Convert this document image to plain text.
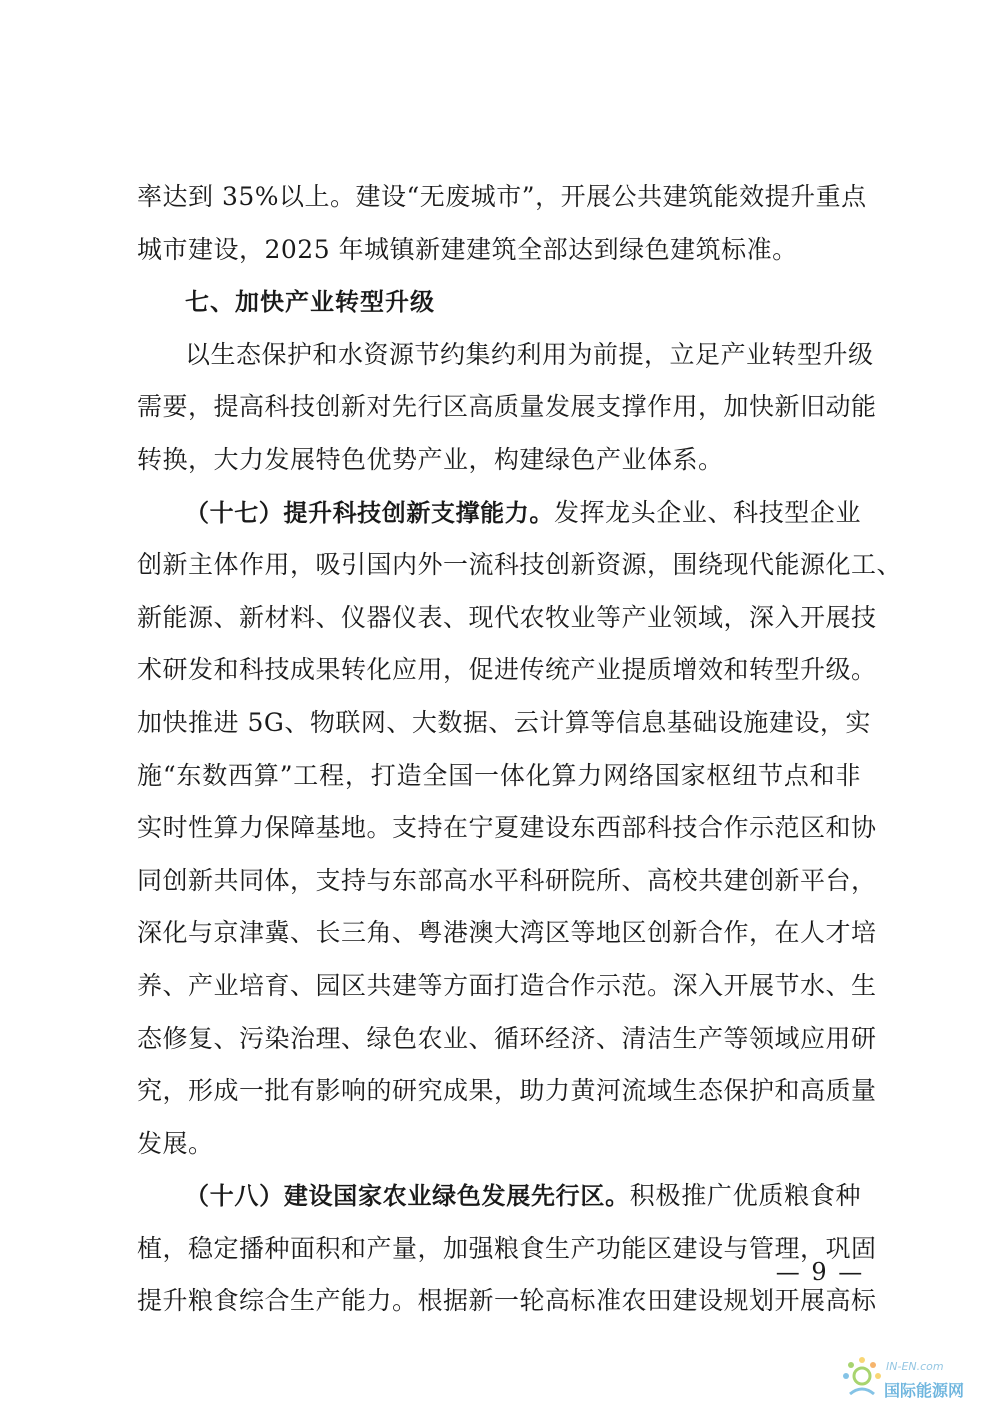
率达到 35%以上。建设“无废城市”，开展公共建筑能效提升重点
城市建设，2025 年城镇新建建筑全部达到绿色建筑标准。
七、加快产业转型升级
以生态保护和水资源节约集约利用为前提，立足产业转型升级
需要，提高科技创新对先行区高质量发展支撑作用，加快新旧动能
转换，大力发展特色优势产业，构建绿色产业体系。
（十七）提升科技创新支撑能力。发挥龙头企业、科技型企业
创新主体作用，吸引国内外一流科技创新资源，围绕现代能源化工、
新能源、新材料、仪器仪表、现代农牧业等产业领域，深入开展技
术研发和科技成果转化应用，促进传统产业提质增效和转型升级。
加快推进 5G、物联网、大数据、云计算等信息基础设施建设，实
施“东数西算”工程，打造全国一体化算力网络国家枢纽节点和非
实时性算力保障基地。支持在宁夏建设东西部科技合作示范区和协
同创新共同体，支持与东部高水平科研院所、高校共建创新平台，
深化与京津冀、长三角、粤港澳大湾区等地区创新合作，在人才培
养、产业培育、园区共建等方面打造合作示范。深入开展节水、生
态修复、污染治理、绿色农业、循环经济、清洁生产等领域应用研
究，形成一批有影响的研究成果，助力黄河流域生态保护和高质量
发展。
（十八）建设国家农业绿色发展先行区。积极推广优质粮食种
植，稳定播种面积和产量，加强粮食生产功能区建设与管理，巩固
提升粮食综合生产能力。根据新一轮高标准农田建设规划开展高标
— 9 —
IN-EN.com
国际能源网
